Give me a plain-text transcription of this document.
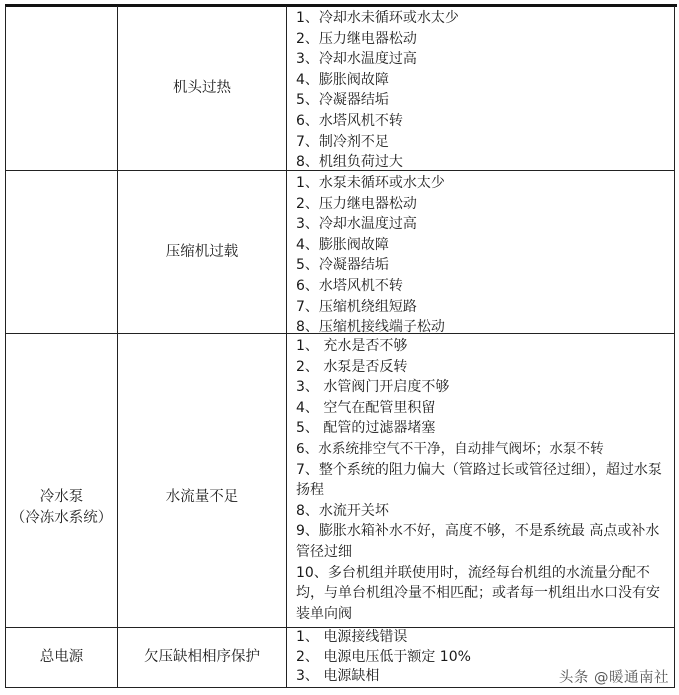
机头过热
1、冷却水未循环或水太少
2、压力继电器松动
3、冷却水温度过高
4、膨胀阀故障
5、冷凝器结垢
6、水塔风机不转
7、制冷剂不足
8、机组负荷过大
压缩机过载
1、水泵未循环或水太少
2、压力继电器松动
3、冷却水温度过高
4、膨胀阀故障
5、冷凝器结垢
6、水塔风机不转
7、压缩机绕组短路
8、压缩机接线端子松动
冷水泵
（冷冻水系统）
水流量不足
1、 充水是否不够
2、 水泵是否反转
3、 水管阀门开启度不够
4、 空气在配管里积留
5、 配管的过滤器堵塞
6、水系统排空气不干净，自动排气阀坏；水泵不转
7、整个系统的阻力偏大（管路过长或管径过细），超过水泵扬程
8、水流开关坏
9、膨胀水箱补水不好，高度不够，不是系统最 高点或补水管径过细
10、多台机组并联使用时，流经每台机组的水流量分配不均，与单台机组冷量不相匹配；或者每一机组出水口没有安装单向阀
总电源	欠压缺相相序保护
1、 电源接线错误
2、 电源电压低于额定 10%
3、 电源缺相	头条 @暖通南社
